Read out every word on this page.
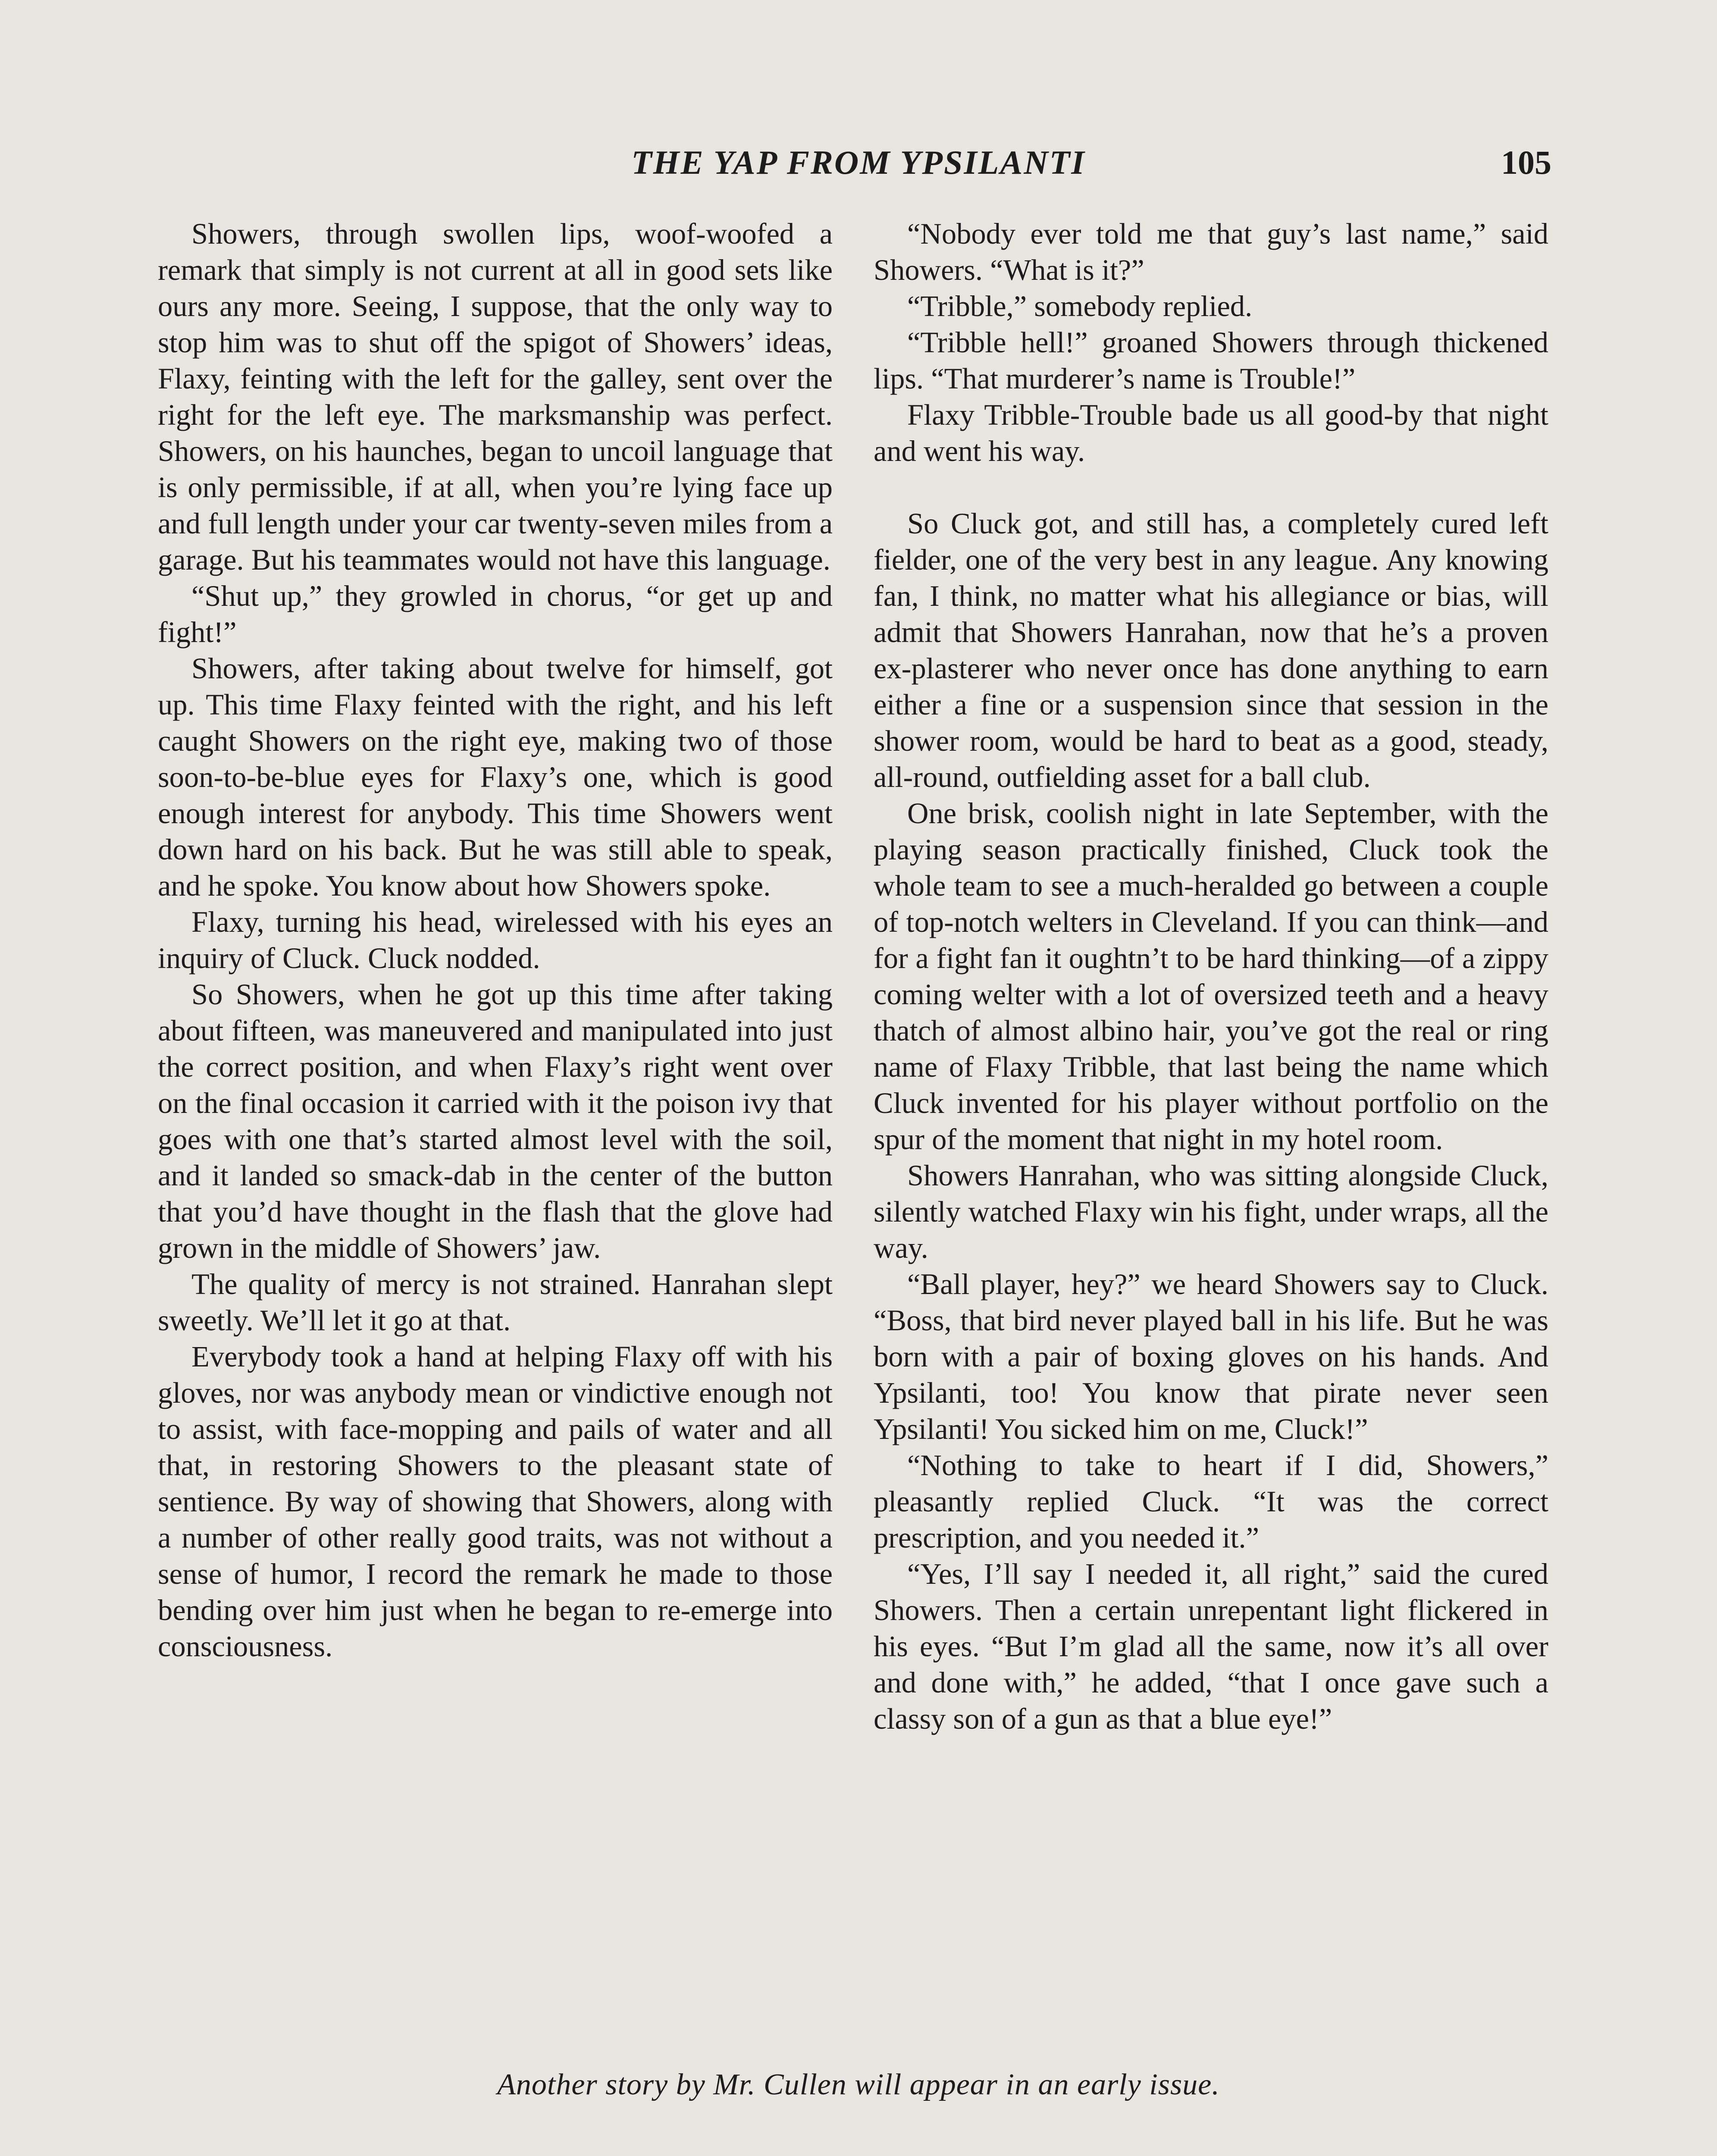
THE YAP FROM YPSILANTI	105

Showers, through swollen lips, woof-woofed a remark that simply is not current at all in good sets like ours any more. Seeing, I suppose, that the only way to stop him was to shut off the spigot of Showers’ ideas, Flaxy, feinting with the left for the galley, sent over the right for the left eye. The marksmanship was perfect. Showers, on his haunches, began to uncoil language that is only permissible, if at all, when you’re lying face up and full length under your car twenty-seven miles from a garage. But his teammates would not have this language.

“Shut up,” they growled in chorus, “or get up and fight!”

Showers, after taking about twelve for himself, got up. This time Flaxy feinted with the right, and his left caught Showers on the right eye, making two of those soon-to-be-blue eyes for Flaxy’s one, which is good enough interest for anybody. This time Showers went down hard on his back. But he was still able to speak, and he spoke. You know about how Showers spoke.

Flaxy, turning his head, wirelessed with his eyes an inquiry of Cluck. Cluck nodded.

So Showers, when he got up this time after taking about fifteen, was maneuvered and manipulated into just the correct position, and when Flaxy’s right went over on the final occasion it carried with it the poison ivy that goes with one that’s started almost level with the soil, and it landed so smack-dab in the center of the button that you’d have thought in the flash that the glove had grown in the middle of Showers’ jaw.

The quality of mercy is not strained. Hanrahan slept sweetly. We’ll let it go at that.

Everybody took a hand at helping Flaxy off with his gloves, nor was anybody mean or vindictive enough not to assist, with face-mopping and pails of water and all that, in restoring Showers to the pleasant state of sentience. By way of showing that Showers, along with a number of other really good traits, was not without a sense of humor, I record the remark he made to those bending over him just when he began to re-emerge into consciousness.

“Nobody ever told me that guy’s last name,” said Showers. “What is it?”

“Tribble,” somebody replied.

“Tribble hell!” groaned Showers through thickened lips. “That murderer’s name is Trouble!”

Flaxy Tribble-Trouble bade us all good-by that night and went his way.

So Cluck got, and still has, a completely cured left fielder, one of the very best in any league. Any knowing fan, I think, no matter what his allegiance or bias, will admit that Showers Hanrahan, now that he’s a proven ex-plasterer who never once has done anything to earn either a fine or a suspension since that session in the shower room, would be hard to beat as a good, steady, all-round, outfielding asset for a ball club.

One brisk, coolish night in late September, with the playing season practically finished, Cluck took the whole team to see a much-heralded go between a couple of top-notch welters in Cleveland. If you can think—and for a fight fan it oughtn’t to be hard thinking—of a zippy coming welter with a lot of oversized teeth and a heavy thatch of almost albino hair, you’ve got the real or ring name of Flaxy Tribble, that last being the name which Cluck invented for his player without portfolio on the spur of the moment that night in my hotel room.

Showers Hanrahan, who was sitting alongside Cluck, silently watched Flaxy win his fight, under wraps, all the way.

“Ball player, hey?” we heard Showers say to Cluck. “Boss, that bird never played ball in his life. But he was born with a pair of boxing gloves on his hands. And Ypsilanti, too! You know that pirate never seen Ypsilanti! You sicked him on me, Cluck!”

“Nothing to take to heart if I did, Showers,” pleasantly replied Cluck. “It was the correct prescription, and you needed it.”

“Yes, I’ll say I needed it, all right,” said the cured Showers. Then a certain unrepentant light flickered in his eyes. “But I’m glad all the same, now it’s all over and done with,” he added, “that I once gave such a classy son of a gun as that a blue eye!”

Another story by Mr. Cullen will appear in an early issue.
